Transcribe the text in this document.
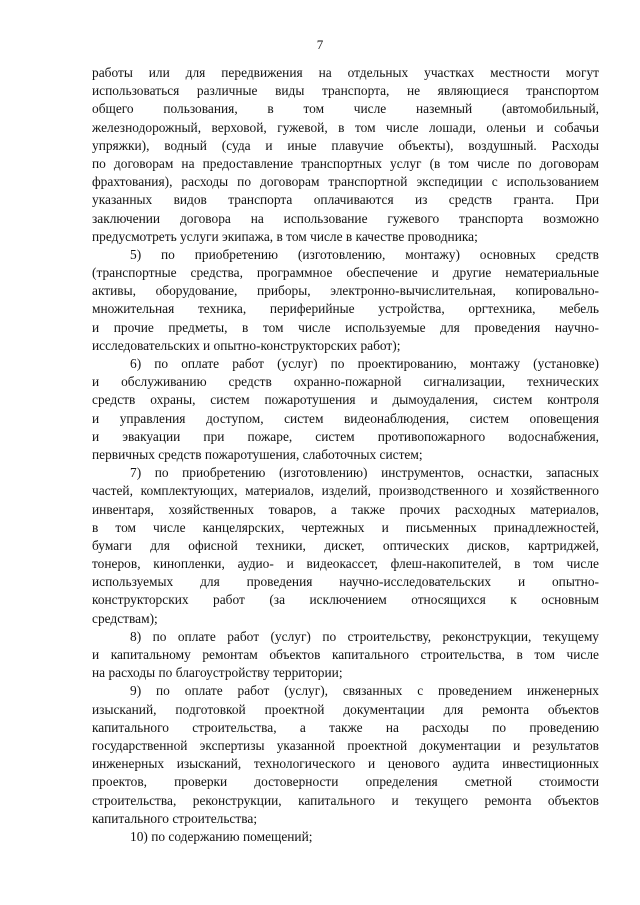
7
работы или для передвижения на отдельных участках местности могут
использоваться различные виды транспорта, не являющиеся транспортом
общего пользования, в том числе наземный (автомобильный,
железнодорожный, верховой, гужевой, в том числе лошади, оленьи и собачьи
упряжки), водный (суда и иные плавучие объекты), воздушный. Расходы
по договорам на предоставление транспортных услуг (в том числе по договорам
фрахтования), расходы по договорам транспортной экспедиции с использованием
указанных видов транспорта оплачиваются из средств гранта. При
заключении договора на использование гужевого транспорта возможно
предусмотреть услуги экипажа, в том числе в качестве проводника;
5) по приобретению (изготовлению, монтажу) основных средств
(транспортные средства, программное обеспечение и другие нематериальные
активы, оборудование, приборы, электронно-вычислительная, копировально-
множительная техника, периферийные устройства, оргтехника, мебель
и прочие предметы, в том числе используемые для проведения научно-
исследовательских и опытно-конструкторских работ);
6) по оплате работ (услуг) по проектированию, монтажу (установке)
и обслуживанию средств охранно-пожарной сигнализации, технических
средств охраны, систем пожаротушения и дымоудаления, систем контроля
и управления доступом, систем видеонаблюдения, систем оповещения
и эвакуации при пожаре, систем противопожарного водоснабжения,
первичных средств пожаротушения, слаботочных систем;
7) по приобретению (изготовлению) инструментов, оснастки, запасных
частей, комплектующих, материалов, изделий, производственного и хозяйственного
инвентаря, хозяйственных товаров, а также прочих расходных материалов,
в том числе канцелярских, чертежных и письменных принадлежностей,
бумаги для офисной техники, дискет, оптических дисков, картриджей,
тонеров, кинопленки, аудио- и видеокассет, флеш-накопителей, в том числе
используемых для проведения научно-исследовательских и опытно-
конструкторских работ (за исключением относящихся к основным
средствам);
8) по оплате работ (услуг) по строительству, реконструкции, текущему
и капитальному ремонтам объектов капитального строительства, в том числе
на расходы по благоустройству территории;
9) по оплате работ (услуг), связанных с проведением инженерных
изысканий, подготовкой проектной документации для ремонта объектов
капитального строительства, а также на расходы по проведению
государственной экспертизы указанной проектной документации и результатов
инженерных изысканий, технологического и ценового аудита инвестиционных
проектов, проверки достоверности определения сметной стоимости
строительства, реконструкции, капитального и текущего ремонта объектов
капитального строительства;
10) по содержанию помещений;
